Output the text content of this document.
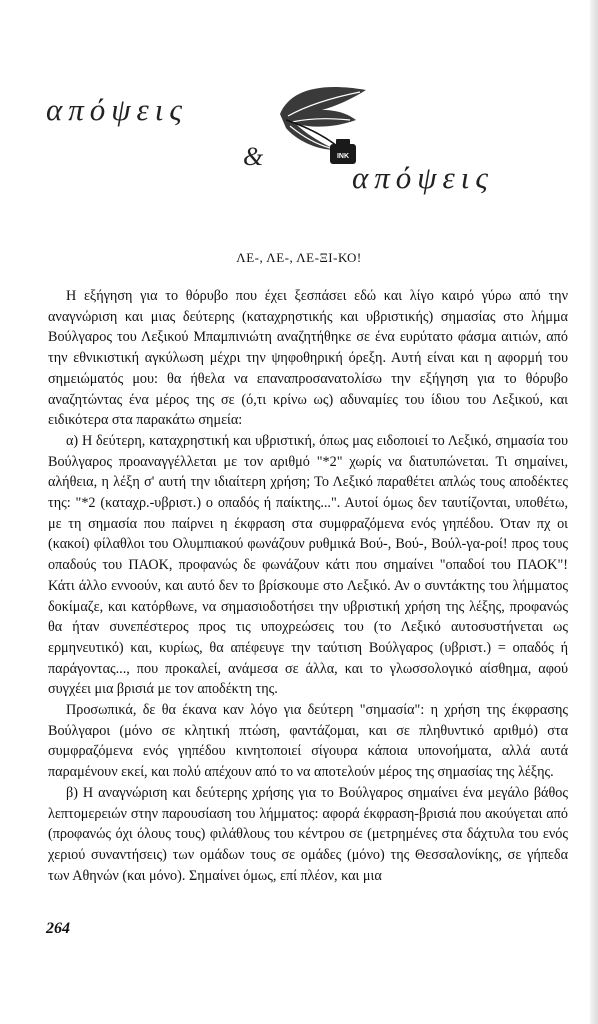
απόψεις
&	INK
απόψεις
ΛΕ-, ΛΕ-, ΛΕ-ΞΙ-ΚΟ!

Η εξήγηση για το θόρυβο που έχει ξεσπάσει εδώ και λίγο καιρό γύρω από την αναγνώριση και μιας δεύτερης (καταχρηστικής και υβριστικής) σημασίας στο λήμμα Βούλγαρος του Λεξικού Μπαμπινιώτη αναζητήθηκε σε ένα ευρύτατο φάσμα αιτιών, από την εθνικιστική αγκύλωση μέχρι την ψηφοθηρική όρεξη. Αυτή είναι και η αφορμή του σημειώματός μου: θα ήθελα να επαναπροσανατολίσω την εξήγηση για το θόρυβο αναζητώντας ένα μέρος της σε (ό,τι κρίνω ως) αδυναμίες του ίδιου του Λεξικού, και ειδικότερα στα παρακάτω σημεία:

α) Η δεύτερη, καταχρηστική και υβριστική, όπως μας ειδοποιεί το Λεξικό, σημασία του Βούλγαρος προαναγγέλλεται με τον αριθμό "*2" χωρίς να διατυπώνεται. Τι σημαίνει, αλήθεια, η λέξη σ' αυτή την ιδιαίτερη χρήση; Το Λεξικό παραθέτει απλώς τους αποδέκτες της: "*2 (καταχρ.-υβριστ.) ο οπαδός ή παίκτης...". Αυτοί όμως δεν ταυτίζονται, υποθέτω, με τη σημασία που παίρνει η έκφραση στα συμφραζόμενα ενός γηπέδου. Όταν πχ οι (κακοί) φίλαθλοι του Ολυμπιακού φωνάζουν ρυθμικά Βού-, Βού-, Βούλ-γα-ροί! προς τους οπαδούς του ΠΑΟΚ, προφανώς δε φωνάζουν κάτι που σημαίνει "οπαδοί του ΠΑΟΚ"! Κάτι άλλο εννοούν, και αυτό δεν το βρίσκουμε στο Λεξικό. Αν ο συντάκτης του λήμματος δοκίμαζε, και κατόρθωνε, να σημασιοδοτήσει την υβριστική χρήση της λέξης, προφανώς θα ήταν συνεπέστερος προς τις υποχρεώσεις του (το Λεξικό αυτοσυστήνεται ως ερμηνευτικό) και, κυρίως, θα απέφευγε την ταύτιση Βούλγαρος (υβριστ.) = οπαδός ή παράγοντας..., που προκαλεί, ανάμεσα σε άλλα, και το γλωσσολογικό αίσθημα, αφού συγχέει μια βρισιά με τον αποδέκτη της.

Προσωπικά, δε θα έκανα καν λόγο για δεύτερη "σημασία": η χρήση της έκφρασης Βούλγαροι (μόνο σε κλητική πτώση, φαντάζομαι, και σε πληθυντικό αριθμό) στα συμφραζόμενα ενός γηπέδου κινητοποιεί σίγουρα κάποια υπονοήματα, αλλά αυτά παραμένουν εκεί, και πολύ απέχουν από το να αποτελούν μέρος της σημασίας της λέξης.

β) Η αναγνώριση και δεύτερης χρήσης για το Βούλγαρος σημαίνει ένα μεγάλο βάθος λεπτομερειών στην παρουσίαση του λήμματος: αφορά έκφραση-βρισιά που ακούγεται από (προφανώς όχι όλους τους) φιλάθλους του κέντρου σε (μετρημένες στα δάχτυλα του ενός χεριού συναντήσεις) των ομάδων τους σε ομάδες (μόνο) της Θεσσαλονίκης, σε γήπεδα των Αθηνών (και μόνο). Σημαίνει όμως, επί πλέον, και μια

264
